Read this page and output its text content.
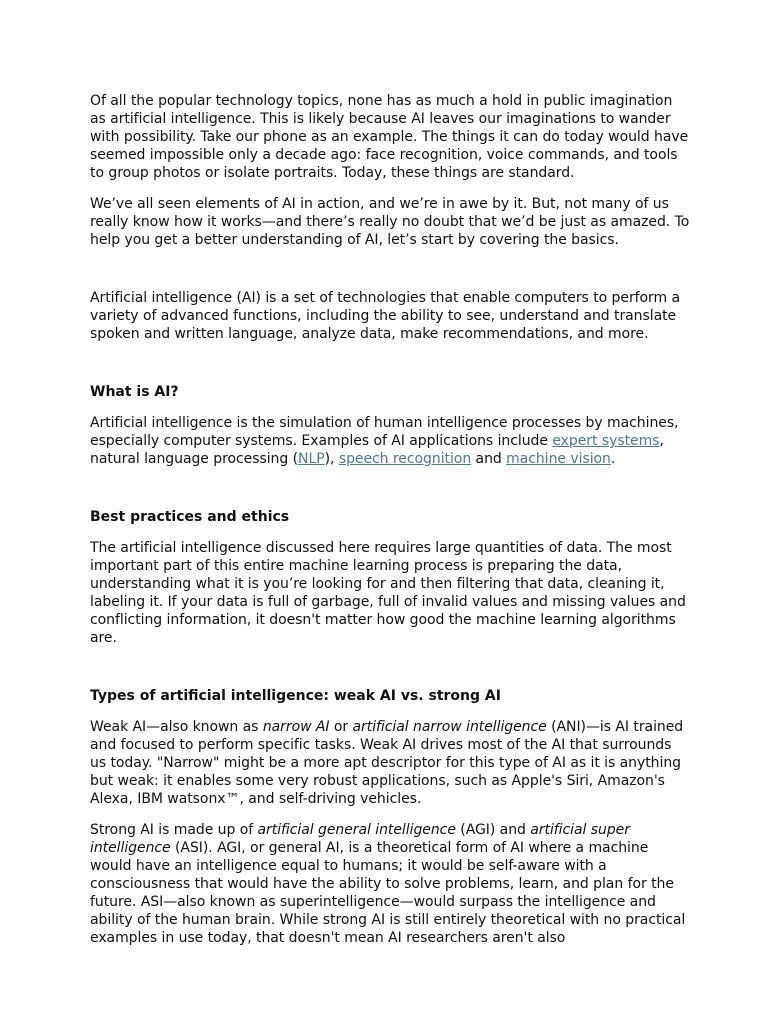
Of all the popular technology topics, none has as much a hold in public imagination as artificial intelligence. This is likely because AI leaves our imaginations to wander with possibility. Take our phone as an example. The things it can do today would have seemed impossible only a decade ago: face recognition, voice commands, and tools to group photos or isolate portraits. Today, these things are standard.

We’ve all seen elements of AI in action, and we’re in awe by it. But, not many of us really know how it works—and there’s really no doubt that we’d be just as amazed. To help you get a better understanding of AI, let’s start by covering the basics.

Artificial intelligence (AI) is a set of technologies that enable computers to perform a variety of advanced functions, including the ability to see, understand and translate spoken and written language, analyze data, make recommendations, and more.

What is AI?

Artificial intelligence is the simulation of human intelligence processes by machines, especially computer systems. Examples of AI applications include expert systems, natural language processing (NLP), speech recognition and machine vision.

Best practices and ethics

The artificial intelligence discussed here requires large quantities of data. The most important part of this entire machine learning process is preparing the data, understanding what it is you’re looking for and then filtering that data, cleaning it, labeling it. If your data is full of garbage, full of invalid values and missing values and conflicting information, it doesn't matter how good the machine learning algorithms are.

Types of artificial intelligence: weak AI vs. strong AI

Weak AI—also known as narrow AI or artificial narrow intelligence (ANI)—is AI trained and focused to perform specific tasks. Weak AI drives most of the AI that surrounds us today. "Narrow" might be a more apt descriptor for this type of AI as it is anything but weak: it enables some very robust applications, such as Apple's Siri, Amazon's Alexa, IBM watsonx™, and self-driving vehicles.

Strong AI is made up of artificial general intelligence (AGI) and artificial super intelligence (ASI). AGI, or general AI, is a theoretical form of AI where a machine would have an intelligence equal to humans; it would be self-aware with a consciousness that would have the ability to solve problems, learn, and plan for the future. ASI—also known as superintelligence—would surpass the intelligence and ability of the human brain. While strong AI is still entirely theoretical with no practical examples in use today, that doesn't mean AI researchers aren't also
